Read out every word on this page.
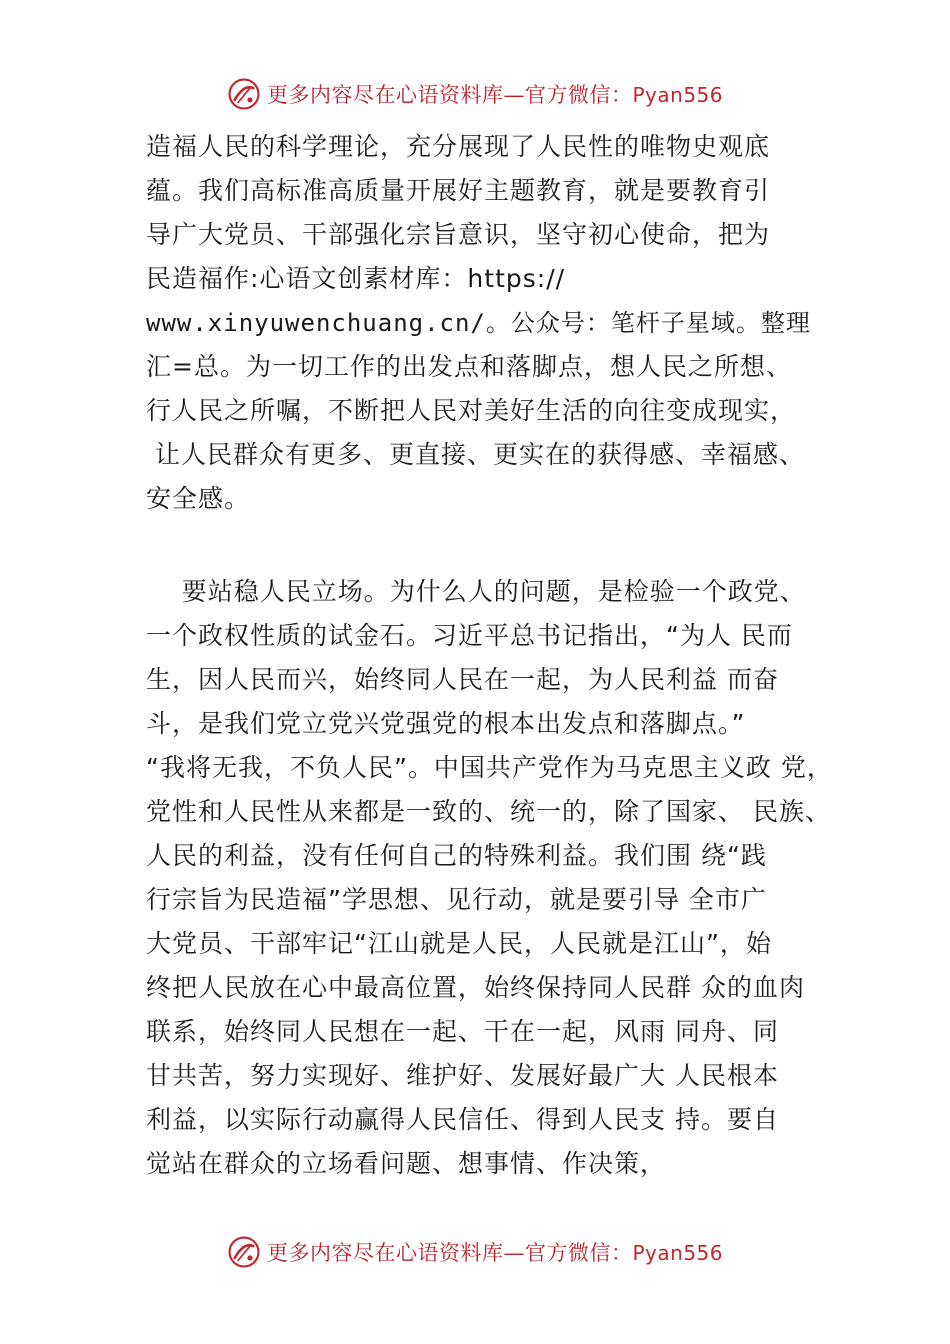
更多内容尽在心语资料库—官方微信：Pyan556
造福人民的科学理论，充分展现了人民性的唯物史观底
蕴。我们高标准高质量开展好主题教育，就是要教育引
导广大党员、干部强化宗旨意识，坚守初心使命，把为
民造福作:心语文创素材库：https://
www.xinyuwenchuang.cn/。公众号：笔杆子星域。整理
汇=总。为一切工作的出发点和落脚点，想人民之所想、
行人民之所嘱，不断把人民对美好生活的向往变成现实，
让人民群众有更多、更直接、更实在的获得感、幸福感、
安全感。
要站稳人民立场。为什么人的问题，是检验一个政党、
一个政权性质的试金石。习近平总书记指出，“为人 民而
生，因人民而兴，始终同人民在一起，为人民利益 而奋
斗，是我们党立党兴党强党的根本出发点和落脚点。”
“我将无我，不负人民”。中国共产党作为马克思主义政 党，
党性和人民性从来都是一致的、统一的，除了国家、 民族、
人民的利益，没有任何自己的特殊利益。我们围 绕“践
行宗旨为民造福”学思想、见行动，就是要引导 全市广
大党员、干部牢记“江山就是人民，人民就是江山”，始
终把人民放在心中最高位置，始终保持同人民群 众的血肉
联系，始终同人民想在一起、干在一起，风雨 同舟、同
甘共苦，努力实现好、维护好、发展好最广大 人民根本
利益，以实际行动赢得人民信任、得到人民支 持。要自
觉站在群众的立场看问题、想事情、作决策，
更多内容尽在心语资料库—官方微信：Pyan556
